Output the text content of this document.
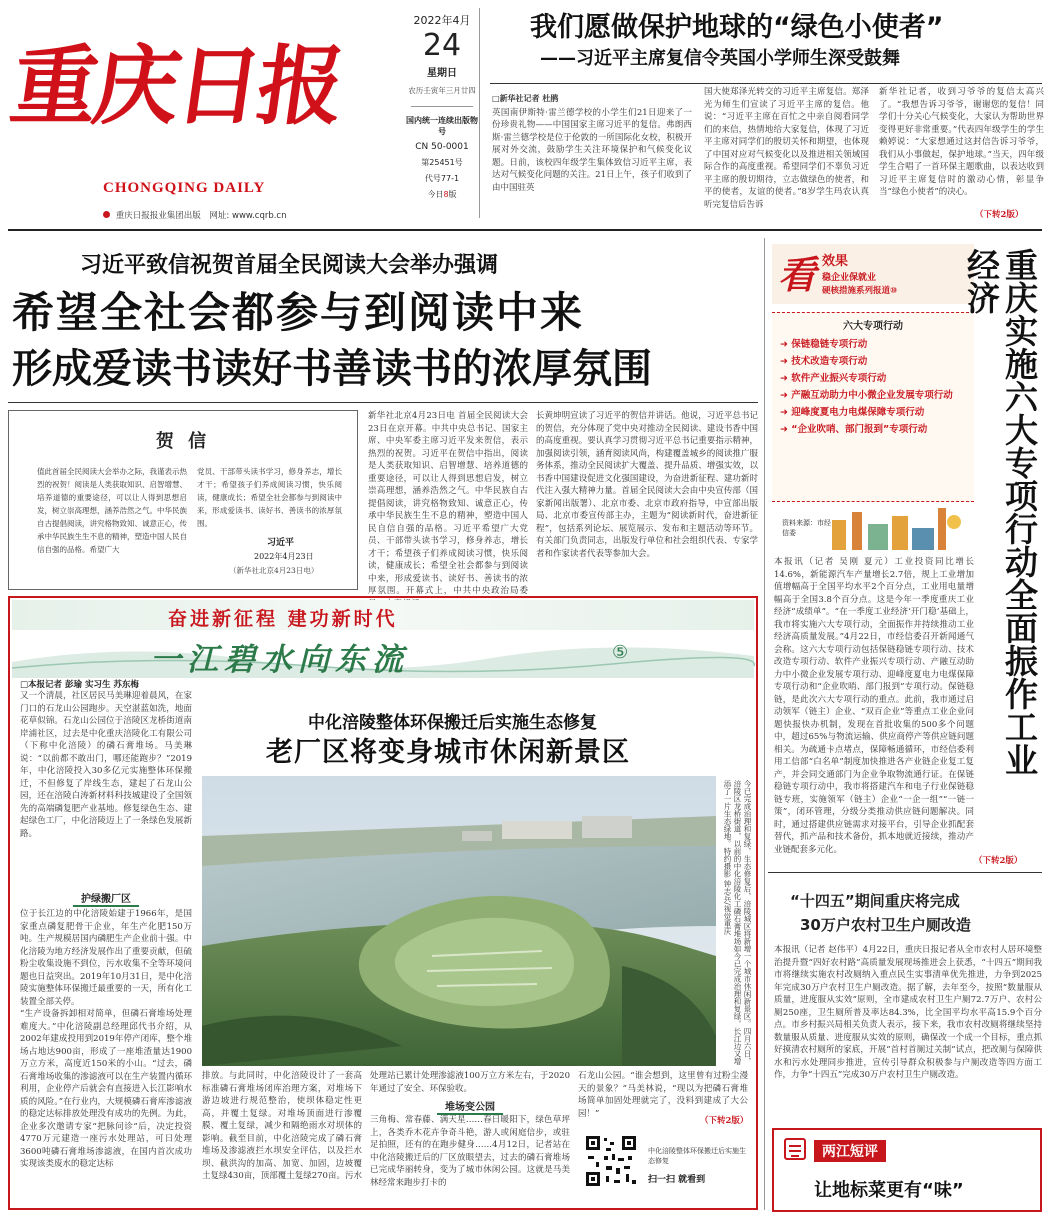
重庆日报
CHONGQING DAILY
重庆日报报业集团出版 网址: www.cqrb.cn
2022年4月
24
星期日
农历壬寅年三月廿四
国内统一连续出版物号
CN 50-0001
第25451号
代号77-1
今日8版
我们愿做保护地球的“绿色小使者”
——习近平主席复信令英国小学师生深受鼓舞
□新华社记者 杜鹃
英国南伊斯特·雷兰德学校的小学生们21日迎来了一份珍贵礼物——中国国家主席习近平的复信。弗朗西斯·雷兰德学校是位于伦敦的一所国际化女校，积极开展对外交流，鼓励学生关注环境保护和气候变化议题。日前，该校四年级学生集体致信习近平主席，表达对气候变化问题的关注。21日上午，孩子们收到了由中国驻英
国大使郑泽光转交的习近平主席复信。郑泽光为师生们宣读了习近平主席的复信。他说：“习近平主席在百忙之中亲自阅看同学们的来信，热情地给大家复信，体现了习近平主席对同学们的殷切关怀和期望，也体现了中国对应对气候变化以及推进相关领域国际合作的高度重视。希望同学们不辜负习近平主席的殷切期待，立志做绿色的使者，和平的使者，友谊的使者。”8岁学生玛农认真听完复信后告诉
新华社记者，收到习爷爷的复信太高兴了。“我想告诉习爷爷，谢谢您的复信！同学们十分关心气候变化，大家认为帮助世界变得更好非常重要。”代表四年级学生的学生赖婷说：“大家想通过这封信告诉习爷爷，我们从小事做起，保护地球。”当天，四年级学生合唱了一首环保主题歌曲，以表达收到习近平主席复信时的激动心情，彰显争当“绿色小使者”的决心。
（下转2版）
习近平致信祝贺首届全民阅读大会举办强调
希望全社会都参与到阅读中来
形成爱读书读好书善读书的浓厚氛围
贺 信
值此首届全民阅读大会举办之际，我谨表示热烈的祝贺！阅读是人类获取知识、启智增慧、培养道德的重要途径，可以让人得到思想启发，树立崇高理想，涵养浩然之气。中华民族自古提倡阅读，讲究格物致知、诚意正心，传承中华民族生生不息的精神，塑造中国人民自信自强的品格。希望广大
党员、干部带头读书学习，修身养志，增长才干；希望孩子们养成阅读习惯，快乐阅读，健康成长；希望全社会都参与到阅读中来，形成爱读书、读好书、善读书的浓厚氛围。
习近平
2022年4月23日
（新华社北京4月23日电）
新华社北京4月23日电 首届全民阅读大会23日在京开幕。中共中央总书记、国家主席、中央军委主席习近平发来贺信，表示热烈的祝贺。习近平在贺信中指出，阅读是人类获取知识、启智增慧、培养道德的重要途径，可以让人得到思想启发，树立崇高理想，涵养浩然之气。中华民族自古提倡阅读，讲究格物致知、诚意正心，传承中华民族生生不息的精神，塑造中国人民自信自强的品格。习近平希望广大党员、干部带头读书学习，修身养志，增长才干；希望孩子们养成阅读习惯，快乐阅读，健康成长；希望全社会都参与到阅读中来，形成爱读书、读好书、善读书的浓厚氛围。开幕式上，中共中央政治局委
长黄坤明宣读了习近平的贺信并讲话。他说，习近平总书记的贺信，充分体现了党中央对推动全民阅读、建设书香中国的高度重视。要认真学习贯彻习近平总书记重要指示精神，加强阅读引领，涵育阅读风尚，构建覆盖城乡的阅读推广服务体系，推动全民阅读扩大覆盖、提升品质、增强实效，以书香中国建设促进文化强国建设，为奋进新征程、建功新时代注入强大精神力量。首届全民阅读大会由中央宣传部（国家新闻出版署）、北京市委、北京市政府指导，中宣部出版局、北京市委宣传部主办，主题为“阅读新时代，奋进新征程”，包括系列论坛、展览展示、发布和主题活动等环节。有关部门负责同志，出版发行单位和社会组织代表、专家学者和作家读者代表等参加大会。
奋进新征程 建功新时代
一江碧水向东流	⑤
□本报记者 彭瑜 实习生 苏东梅
中化涪陵整体环保搬迁后实施生态修复
老厂区将变身城市休闲新景区
又一个清晨，社区居民马美琳迎着晨风，在家门口的石龙山公园跑步。天空湛蓝如洗，地面花草似锦。石龙山公园位于涪陵区龙桥街道南岸浦社区，过去是中化重庆涪陵化工有限公司（下称中化涪陵）的磷石膏堆场。马美琳说：“以前都不敢出门，哪还能跑步？”2019年，中化涪陵投入30多亿元实施整体环保搬迁，不但修复了岸线生态，建起了石龙山公园，还在涪陵白涛新材料科技城建设了全国领先的高端磷复肥产业基地。修复绿色生态、建起绿色工厂，中化涪陵迈上了一条绿色发展新路。
护绿搬厂区
位于长江边的中化涪陵始建于1966年，是国家重点磷复肥骨干企业，年生产化肥150万吨。生产规模居国内磷肥生产企业前十强。中化涪陵为地方经济发展作出了重要贡献，但硫粉尘收集设施不到位，污水收集不全等环境问题也日益突出。2019年10月31日，是中化涪陵实施整体环保搬迁最重要的一天，所有化工装置全部关停。
“生产设备拆卸相对简单，但磷石膏堆场处理难度大。”中化涪陵副总经理邱代书介绍，从2002年建成投用到2019年停产闭库，整个堆场占地达900亩，形成了一座堆渣量达1900万立方米，高度近150米的小山。“过去，磷石膏堆场收集的渗滤液可以在生产装置内循环利用，企业停产后就会有直接进入长江影响水质的风险。”在行业内，大规模磷石膏库渗滤液的稳定达标排放处理没有成功的先例。为此，企业多次邀请专家“把脉问诊”后，决定投资4770万元建造一座污水处理站，可日处理3600吨磷石膏堆场渗滤液，在国内首次成功实现该类废水的稳定达标
今已完成治理和复绿，生态修复后，涪陵城区将新增一个城市休闲新景区。四月六日，涪陵区龙桥街道，以前的中化涪陵化工磷石膏堆场如今已完成治理和复绿，长江边又增添了一片生态绿地。特约摄影 钟志兵/视觉重庆
排放。与此同时，中化涪陵设计了一套高标准磷石膏堆场闭库治理方案，对堆场下游边坡进行规范整治，使坝体稳定性更高，并覆土复绿。对堆场顶面进行渗覆膜、覆土复绿，减少和隔绝雨水对坝体的影响。截至目前，中化涪陵完成了磷石膏堆场及渗滤液拦水坝安全评估，以及拦水坝、截洪沟的加高、加宽、加固，边坡覆土复绿430亩，顶部覆土复绿270亩。污水
处理站已累计处理渗滤液100万立方米左右，于2020年通过了安全、环保验收。
堆场变公园
三角梅、常春藤、满天星……春日暖阳下，绿色草坪上，各类乔木花卉争奇斗艳，游人或闲庭信步，或驻足拍照，还有的在跑步健身……4月12日，记者站在中化涪陵搬迁后的厂区放眼望去，过去的磷石膏堆场已完成华丽转身，变为了城市休闲公园。这就是马美林经常来跑步打卡的
石龙山公园。“谁会想到，这里曾有过粉尘漫天的景象？”马美林说，“现以为把磷石膏堆场简单加固处理就完了，没料到建成了大公园！”
（下转2版）
中化涪陵整体环保搬迁后实施生态修复
扫一扫 就看到
看 效果
稳企业保就业
硬核措施系列报道⑩
六大专项行动
➜ 保链稳链专项行动
➜ 技术改造专项行动
➜ 软件产业振兴专项行动
➜ 产融互动助力中小微企业发展专项行动
➜ 迎峰度夏电力电煤保障专项行动
➜ “企业吹哨、部门报到”专项行动
资料来源：市经信委	重庆实施六大专项行动全面振作工业经济
本报讯（记者 吴刚 夏元）工业投资同比增长14.6%，新能源汽车产量增长2.7倍，规上工业增加值增幅高于全国平均水平2个百分点，工业用电量增幅高于全国3.8个百分点。这是今年一季度重庆工业经济“成绩单”。“在一季度工业经济‘开门稳’基础上，我市将实施六大专项行动，全面振作并持续推动工业经济高质量发展。”4月22日，市经信委召开新闻通气会称。这六大专项行动包括保链稳链专项行动、技术改造专项行动、软件产业振兴专项行动、产融互动助力中小微企业发展专项行动、迎峰度夏电力电煤保障专项行动和“企业吹哨、部门报到”专项行动。保链稳链，是此次六大专项行动的重点。此前，我市通过启动领军（链主）企业、“双百企业”等重点工业企业问题快报快办机制，发现在首批收集的500多个问题中，超过65%与物流运输、供应商停产等供应链问题相关。为疏通卡点堵点，保障畅通循环，市经信委利用工信部“白名单”制度加快推进各产业链企业复工复产，并会同交通部门为企业争取物流通行证。在保链稳链专项行动中，我市将搭建汽车和电子行业保链稳链专班，实施领军（链主）企业“一企一组”“一链一策”，闭环管理，分级分类推动供应链问题解决。同时，通过搭建供应链需求对接平台，引导企业抓配套替代，抓产品和技术备份，抓本地就近接续，推动产业链配套多元化。
（下转2版）
“十四五”期间重庆将完成
30万户农村卫生户厕改造
本报讯（记者 赵伟平）4月22日，重庆日报记者从全市农村人居环境整治提升暨“四好农村路”高质量发展现场推进会上获悉，“十四五”期间我市将继续实施农村改厕纳入重点民生实事清单优先推进，力争到2025年完成30万户农村卫生户厕改造。据了解，去年至今，按照“数量服从质量，进度服从实效”原则，全市建成农村卫生户厕72.7万户、农村公厕250座，卫生厕所普及率达84.3%，比全国平均水平高15.9个百分点。市乡村振兴局相关负责人表示，接下来，我市农村改厕将继续坚持数量服从质量、进度服从实效的原则，确保改一个成一个目标，重点抓好摸清农村厕所的家底，开展“首村首厕过关制”试点，把改厕与保障供水和污水处理同步推进，宣传引导群众积极参与户厕改造等四方面工作，力争“十四五”完成30万户农村卫生户厕改造。
两江短评
让地标菜更有“味”
